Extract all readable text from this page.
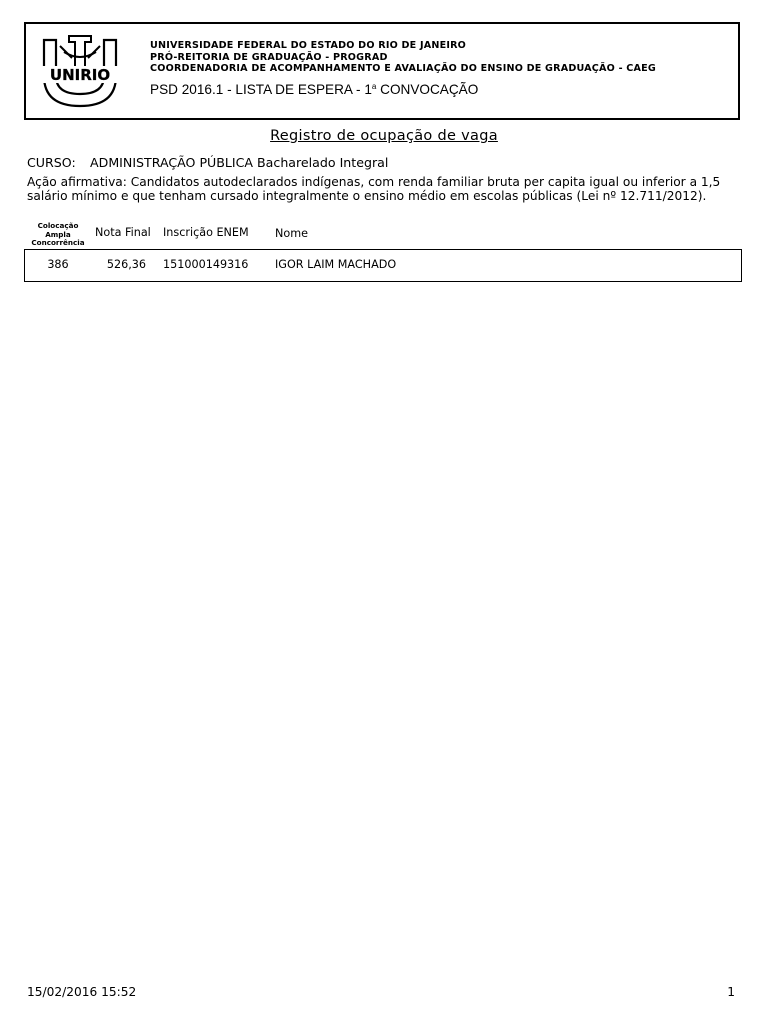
UNIRIO
UNIVERSIDADE FEDERAL DO ESTADO DO RIO DE JANEIRO
PRÓ-REITORIA DE GRADUAÇÃO - PROGRAD
COORDENADORIA DE ACOMPANHAMENTO E AVALIAÇÃO DO ENSINO DE GRADUAÇÃO - CAEG
PSD 2016.1 - LISTA DE ESPERA - 1$^a$ CONVOCAÇÃO
Registro de ocupação de vaga
CURSO: ADMINISTRAÇÃO PÚBLICA Bacharelado Integral
Ação afirmativa: Candidatos autodeclarados indígenas, com renda familiar bruta per capita igual ou inferior a 1,5 salário mínimo e que tenham cursado integralmente o ensino médio em escolas públicas (Lei nº 12.711/2012).
Colocação Ampla Concorrência
Nota Final Inscrição ENEM Nome
386	526,36 151000149316 IGOR LAIM MACHADO
15/02/2016 15:52	1
